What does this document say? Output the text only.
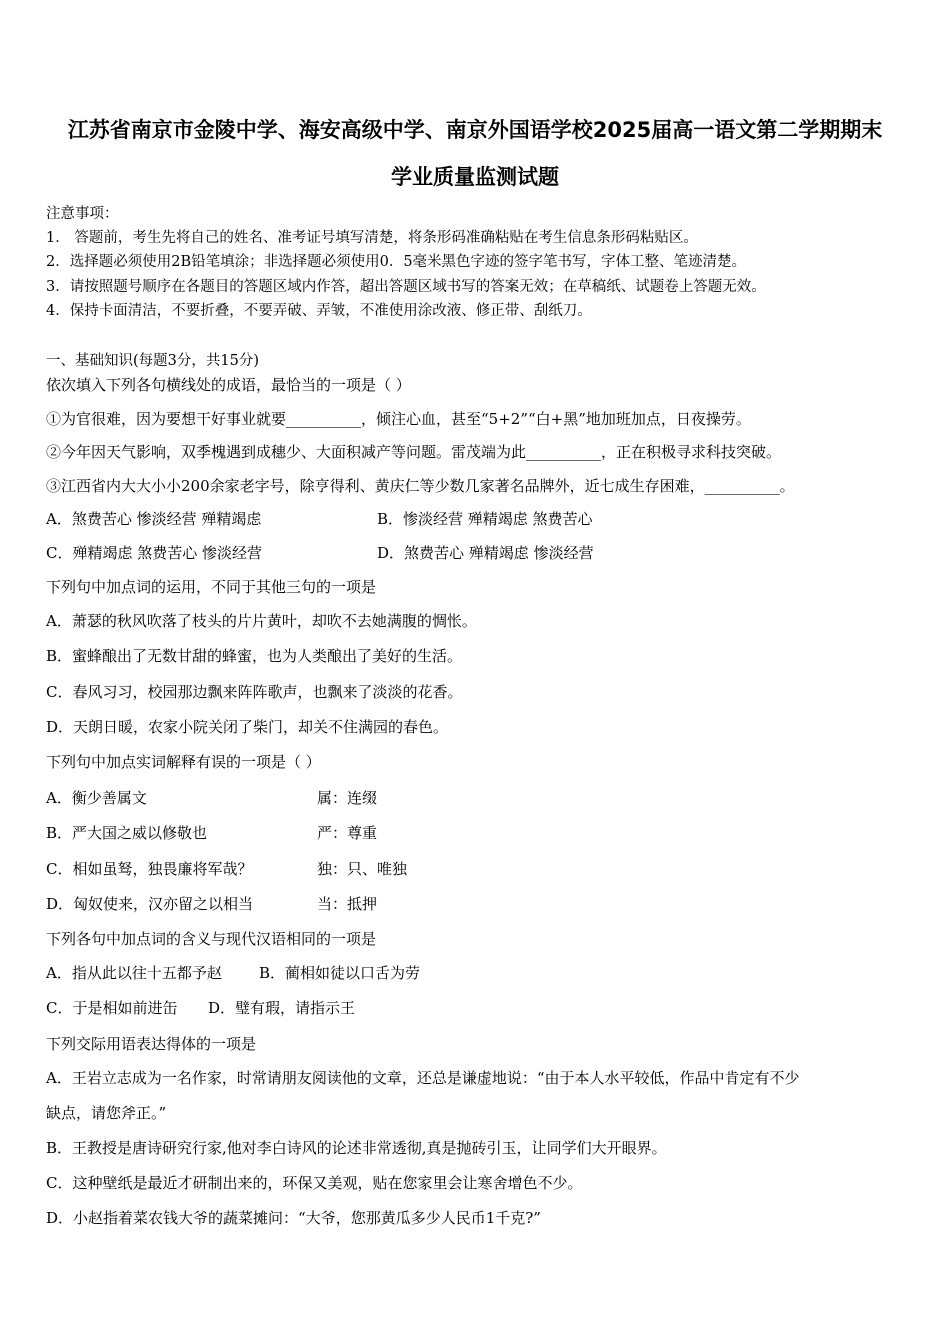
江苏省南京市金陵中学、海安高级中学、南京外国语学校2025届高一语文第二学期期末
学业质量监测试题
注意事项：
1． 答题前，考生先将自己的姓名、准考证号填写清楚，将条形码准确粘贴在考生信息条形码粘贴区。
2．选择题必须使用2B铅笔填涂；非选择题必须使用0．5毫米黑色字迹的签字笔书写，字体工整、笔迹清楚。
3．请按照题号顺序在各题目的答题区域内作答，超出答题区域书写的答案无效；在草稿纸、试题卷上答题无效。
4．保持卡面清洁，不要折叠，不要弄破、弄皱，不准使用涂改液、修正带、刮纸刀。
一、基础知识(每题3分，共15分)
依次填入下列各句横线处的成语，最恰当的一项是（ ）
①为官很难，因为要想干好事业就要__________，倾注心血，甚至“5+2”“白+黑”地加班加点，日夜操劳。
②今年因天气影响，双季槐遇到成穗少、大面积减产等问题。雷茂端为此__________，正在积极寻求科技突破。
③江西省内大大小小200余家老字号，除亨得利、黄庆仁等少数几家著名品牌外，近七成生存困难，__________。
A．煞费苦心 惨淡经营 殚精竭虑	B．惨淡经营 殚精竭虑 煞费苦心
C．殚精竭虑 煞费苦心 惨淡经营	D．煞费苦心 殚精竭虑 惨淡经营
下列句中加点词的运用，不同于其他三句的一项是
A．萧瑟的秋风吹落了枝头的片片黄叶，却吹不去她满腹的惆怅。
B．蜜蜂酿出了无数甘甜的蜂蜜，也为人类酿出了美好的生活。
C．春风习习，校园那边飘来阵阵歌声，也飘来了淡淡的花香。
D．天朗日暖，农家小院关闭了柴门，却关不住满园的春色。
下列句中加点实词解释有误的一项是（ ）
A．衡少善属文	属：连缀
B．严大国之威以修敬也	严：尊重
C．相如虽驽，独畏廉将军哉？	独：只、唯独
D．匈奴使来，汉亦留之以相当	当：抵押
下列各句中加点词的含义与现代汉语相同的一项是
A．指从此以往十五都予赵 B．蔺相如徒以口舌为劳
C．于是相如前进缶 D．璧有瑕，请指示王
下列交际用语表达得体的一项是
A．王岩立志成为一名作家，时常请朋友阅读他的文章，还总是谦虚地说：“由于本人水平较低，作品中肯定有不少
缺点，请您斧正。”
B．王教授是唐诗研究行家,他对李白诗风的论述非常透彻,真是抛砖引玉，让同学们大开眼界。
C．这种壁纸是最近才研制出来的，环保又美观，贴在您家里会让寒舍增色不少。
D．小赵指着菜农钱大爷的蔬菜摊问：“大爷，您那黄瓜多少人民币1千克?”
